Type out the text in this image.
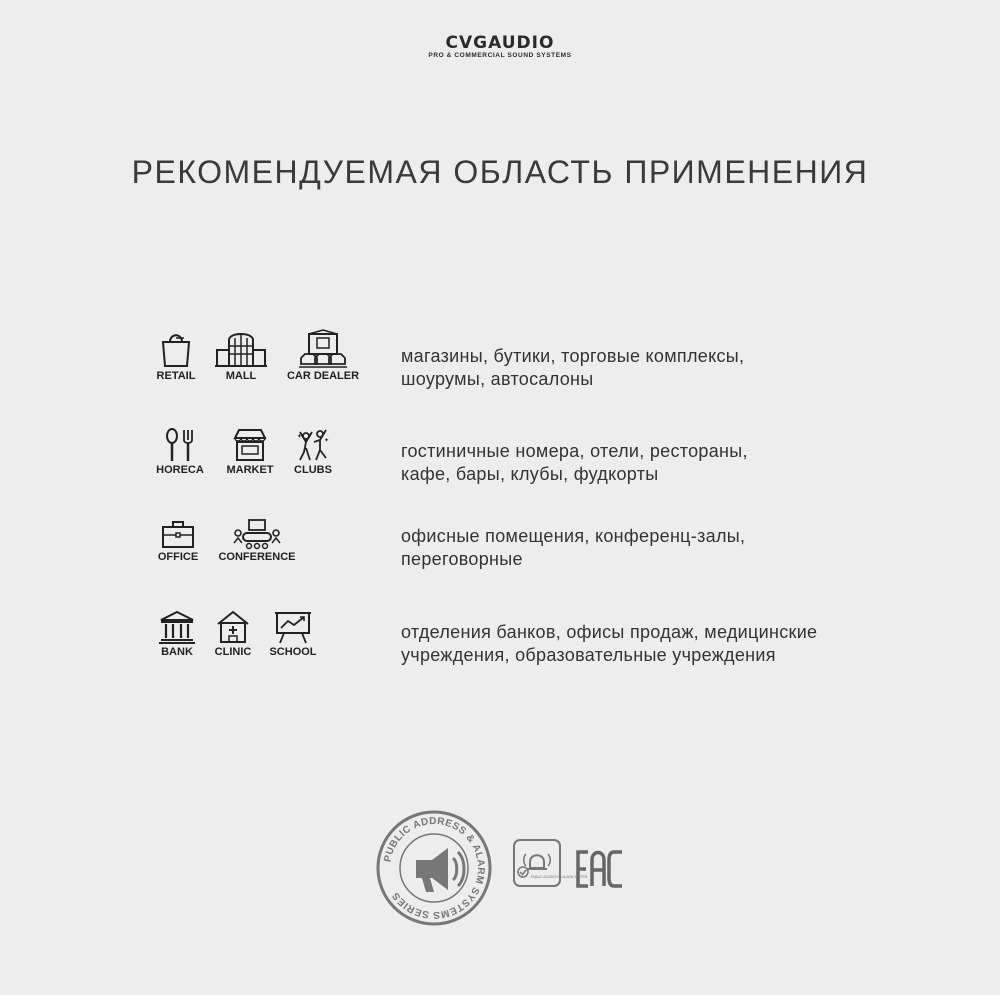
CVGAUDIO
PRO & COMMERCIAL SOUND SYSTEMS
РЕКОМЕНДУЕМАЯ ОБЛАСТЬ ПРИМЕНЕНИЯ
RETAIL	MALL	CAR DEALER
магазины, бутики, торговые комплексы,
шоурумы, автосалоны
HORECA	MARKET
✦
✦
CLUBS
гостиничные номера, отели, рестораны,
кафе, бары, клубы, фудкорты
OFFICE	CONFERENCE
офисные помещения, конференц-залы,
переговорные
BANK	CLINIC	SCHOOL
отделения банков, офисы продаж, медицинские
учреждения, образовательные учреждения
PUBLIC ADDRESS & ALARM SYSTEMS SERIES
PUBLIC ADDRESS & ALARM SYSTEM
